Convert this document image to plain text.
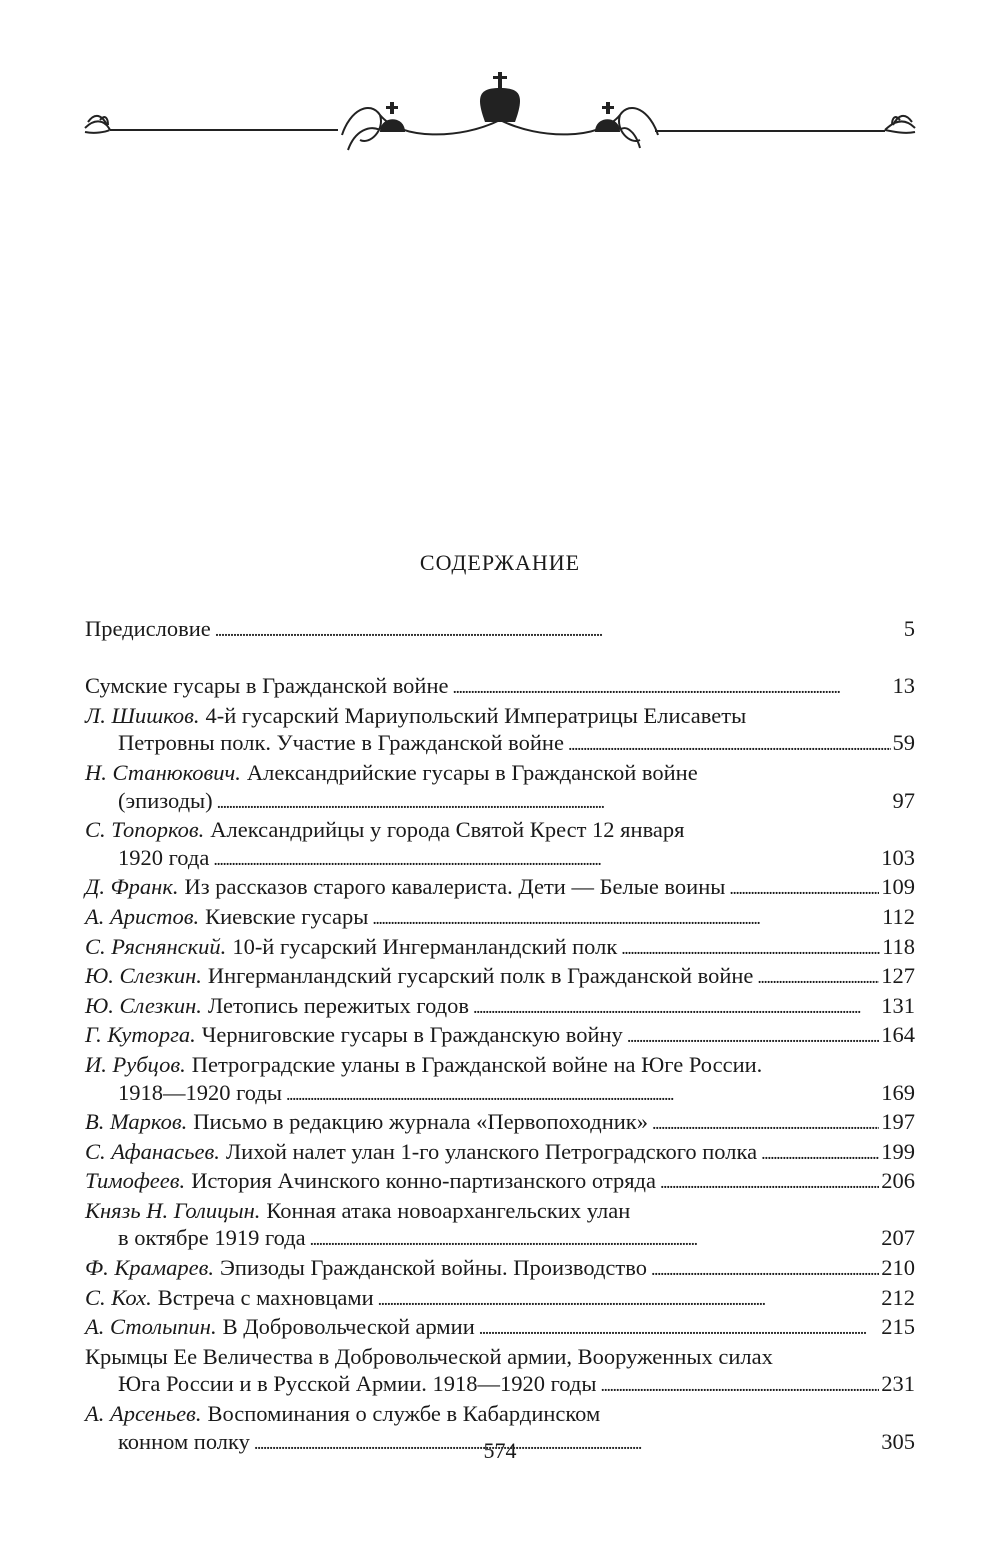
СОДЕРЖАНИЕ
Предисловие . . .	5
Сумские гусары в Гражданской войне . . .	13
Л. Шишков. 4-й гусарский Мариупольский Императрицы Елисаветы
Петровны полк. Участие в Гражданской войне . . .	59
Н. Станюкович. Александрийские гусары в Гражданской войне
(эпизоды) . . .	97
С. Топорков. Александрийцы у города Святой Крест 12 января
1920 года . . .	103
Д. Франк. Из рассказов старого кавалериста. Дети — Белые воины . . .	109
А. Аристов. Киевские гусары . . .	112
С. Ряснянский. 10-й гусарский Ингерманландский полк . . .	118
Ю. Слезкин. Ингерманландский гусарский полк в Гражданской войне . . .	127
Ю. Слезкин. Летопись пережитых годов . . .	131
Г. Куторга. Черниговские гусары в Гражданскую войну . . .	164
И. Рубцов. Петроградские уланы в Гражданской войне на Юге России.
1918—1920 годы . . .	169
В. Марков. Письмо в редакцию журнала «Первопоходник» . . .	197
С. Афанасьев. Лихой налет улан 1-го уланского Петроградского полка . . .	199
Тимофеев. История Ачинского конно-партизанского отряда . . .	206
Князь Н. Голицын. Конная атака новоархангельских улан
в октябре 1919 года . . .	207
Ф. Крамарев. Эпизоды Гражданской войны. Производство . . .	210
С. Кох. Встреча с махновцами . . .	212
А. Столыпин. В Добровольческой армии . . .	215
Крымцы Ее Величества в Добровольческой армии, Вооруженных силах
Юга России и в Русской Армии. 1918—1920 годы . . .	231
А. Арсеньев. Воспоминания о службе в Кабардинском
конном полку . . .	305
574
